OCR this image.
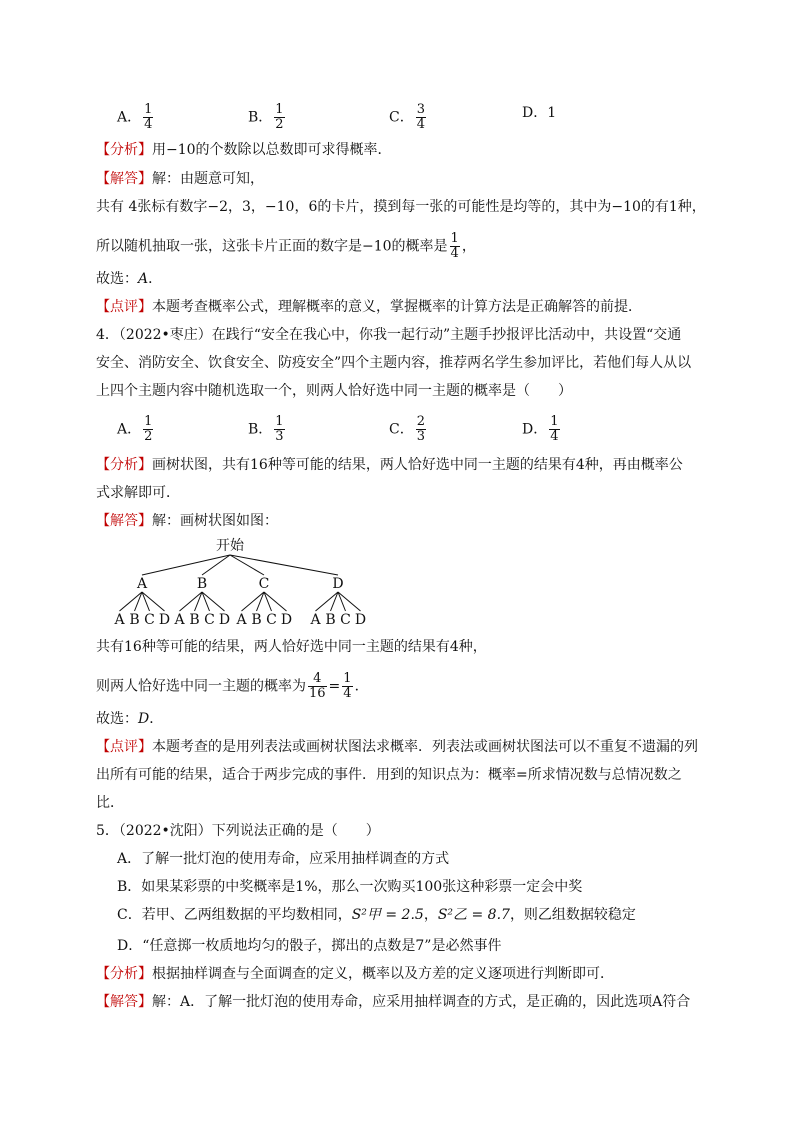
A． $\frac{1}{4}$	B． $\frac{1}{2}$	C． $\frac{3}{4}$	D．1
【分析】用−10的个数除以总数即可求得概率．
【解答】解：由题意可知，
共有 4张标有数字−2，3，−10，6的卡片，摸到每一张的可能性是均等的，其中为−10的有1种，
所以随机抽取一张，这张卡片正面的数字是−10的概率是 $\frac{1}{4}$ ，
故选：A．
【点评】本题考查概率公式，理解概率的意义，掌握概率的计算方法是正确解答的前提．
4．（2022•枣庄）在践行“安全在我心中，你我一起行动”主题手抄报评比活动中，共设置“交通
安全、消防安全、饮食安全、防疫安全”四个主题内容，推荐两名学生参加评比，若他们每人从以
上四个主题内容中随机选取一个，则两人恰好选中同一主题的概率是（　　）
A． $\frac{1}{2}$	B． $\frac{1}{3}$	C． $\frac{2}{3}$	D． $\frac{1}{4}$
【分析】画树状图，共有16种等可能的结果，两人恰好选中同一主题的结果有4种，再由概率公
式求解即可．
【解答】解：画树状图如图：
开始
A
A B C D
B
A B C D
C
A B C D
D
A B C D
共有16种等可能的结果，两人恰好选中同一主题的结果有4种，
则两人恰好选中同一主题的概率为 $\frac{4}{16} = \frac{1}{4}$ ．
故选：D．
【点评】本题考查的是用列表法或画树状图法求概率．列表法或画树状图法可以不重复不遗漏的列
出所有可能的结果，适合于两步完成的事件．用到的知识点为：概率=所求情况数与总情况数之
比．
5．（2022•沈阳）下列说法正确的是（　　）
A．了解一批灯泡的使用寿命，应采用抽样调查的方式
B．如果某彩票的中奖概率是1%，那么一次购买100张这种彩票一定会中奖
C．若甲、乙两组数据的平均数相同，S²甲 = 2.5，S²乙 = 8.7，则乙组数据较稳定
D．“任意掷一枚质地均匀的骰子，掷出的点数是7”是必然事件
【分析】根据抽样调查与全面调查的定义，概率以及方差的定义逐项进行判断即可．
【解答】解：A．了解一批灯泡的使用寿命，应采用抽样调查的方式，是正确的，因此选项A符合
